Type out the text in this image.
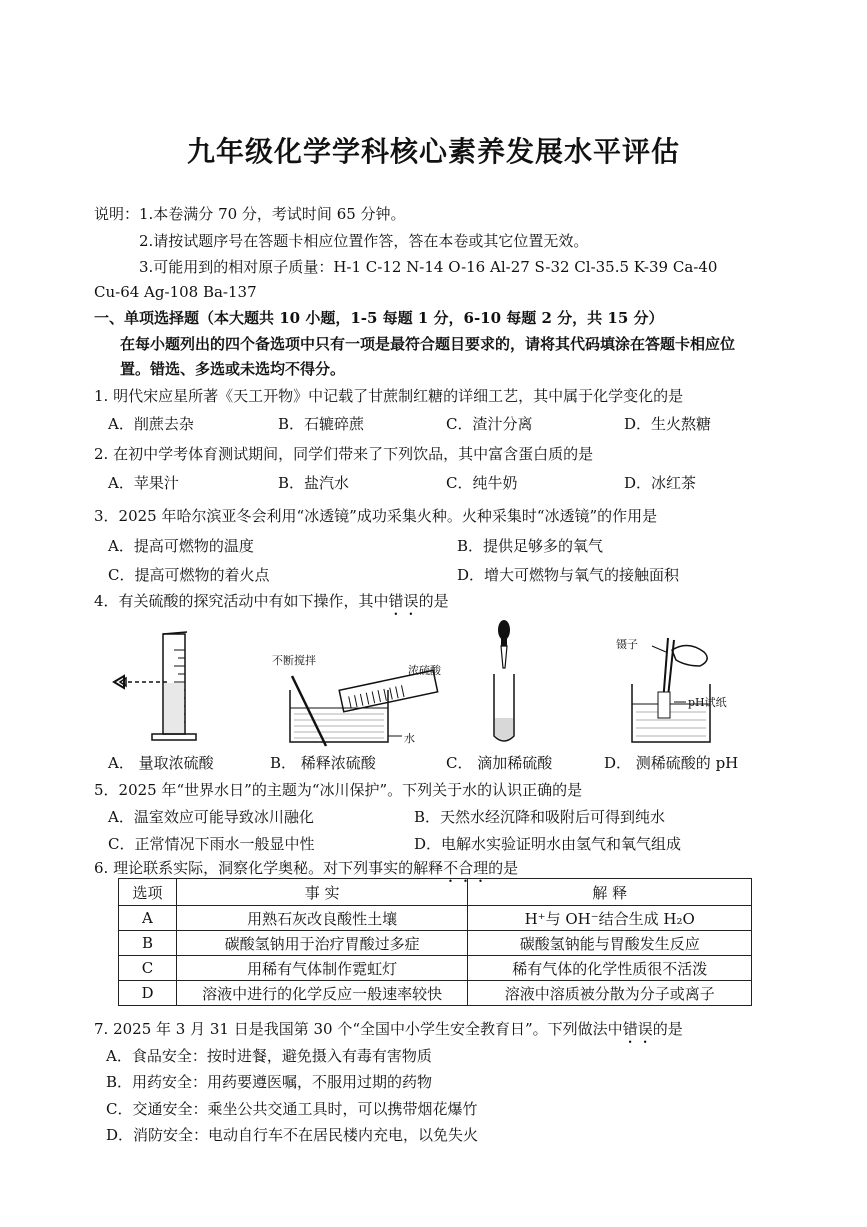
九年级化学学科核心素养发展水平评估
说明： 1.本卷满分 70 分，考试时间 65 分钟。
2.请按试题序号在答题卡相应位置作答，答在本卷或其它位置无效。
3.可能用到的相对原子质量：H-1 C-12 N-14 O-16 Al-27 S-32 Cl-35.5 K-39 Ca-40
Cu-64 Ag-108 Ba-137
一、单项选择题（本大题共 10 小题，1-5 每题 1 分，6-10 每题 2 分，共 15 分）
在每小题列出的四个备选项中只有一项是最符合题目要求的，请将其代码填涂在答题卡相应位
置。错选、多选或未选均不得分。
1. 明代宋应星所著《天工开物》中记载了甘蔗制红糖的详细工艺，其中属于化学变化的是
A．削蔗去杂	B．石辘碎蔗	C．渣汁分离	D．生火熬糖
2. 在初中学考体育测试期间，同学们带来了下列饮品，其中富含蛋白质的是
A．苹果汁	B．盐汽水	C．纯牛奶	D．冰红茶
3．2025 年哈尔滨亚冬会利用“冰透镜”成功采集火种。火种采集时“冰透镜”的作用是
A．提高可燃物的温度	B．提供足够多的氧气
C．提高可燃物的着火点	D．增大可燃物与氧气的接触面积
4．有关硫酸的探究活动中有如下操作，其中错误的是
不断搅拌
浓硫酸
水
镊子
pH试纸
A． 量取浓硫酸	B． 稀释浓硫酸	C． 滴加稀硫酸	D． 测稀硫酸的 pH
5．2025 年“世界水日”的主题为“冰川保护”。下列关于水的认识正确的是
A．温室效应可能导致冰川融化	B．天然水经沉降和吸附后可得到纯水
C．正常情况下雨水一般显中性	D．电解水实验证明水由氢气和氧气组成
6. 理论联系实际，洞察化学奥秘。对下列事实的解释不合理的是
选项	事 实	解 释
A	用熟石灰改良酸性土壤	H⁺与 OH⁻结合生成 H₂O
B	碳酸氢钠用于治疗胃酸过多症	碳酸氢钠能与胃酸发生反应
C	用稀有气体制作霓虹灯	稀有气体的化学性质很不活泼
D	溶液中进行的化学反应一般速率较快	溶液中溶质被分散为分子或离子
7. 2025 年 3 月 31 日是我国第 30 个“全国中小学生安全教育日”。下列做法中错误的是
A．食品安全：按时进餐，避免摄入有毒有害物质
B．用药安全：用药要遵医嘱，不服用过期的药物
C．交通安全：乘坐公共交通工具时，可以携带烟花爆竹
D．消防安全：电动自行车不在居民楼内充电，以免失火
